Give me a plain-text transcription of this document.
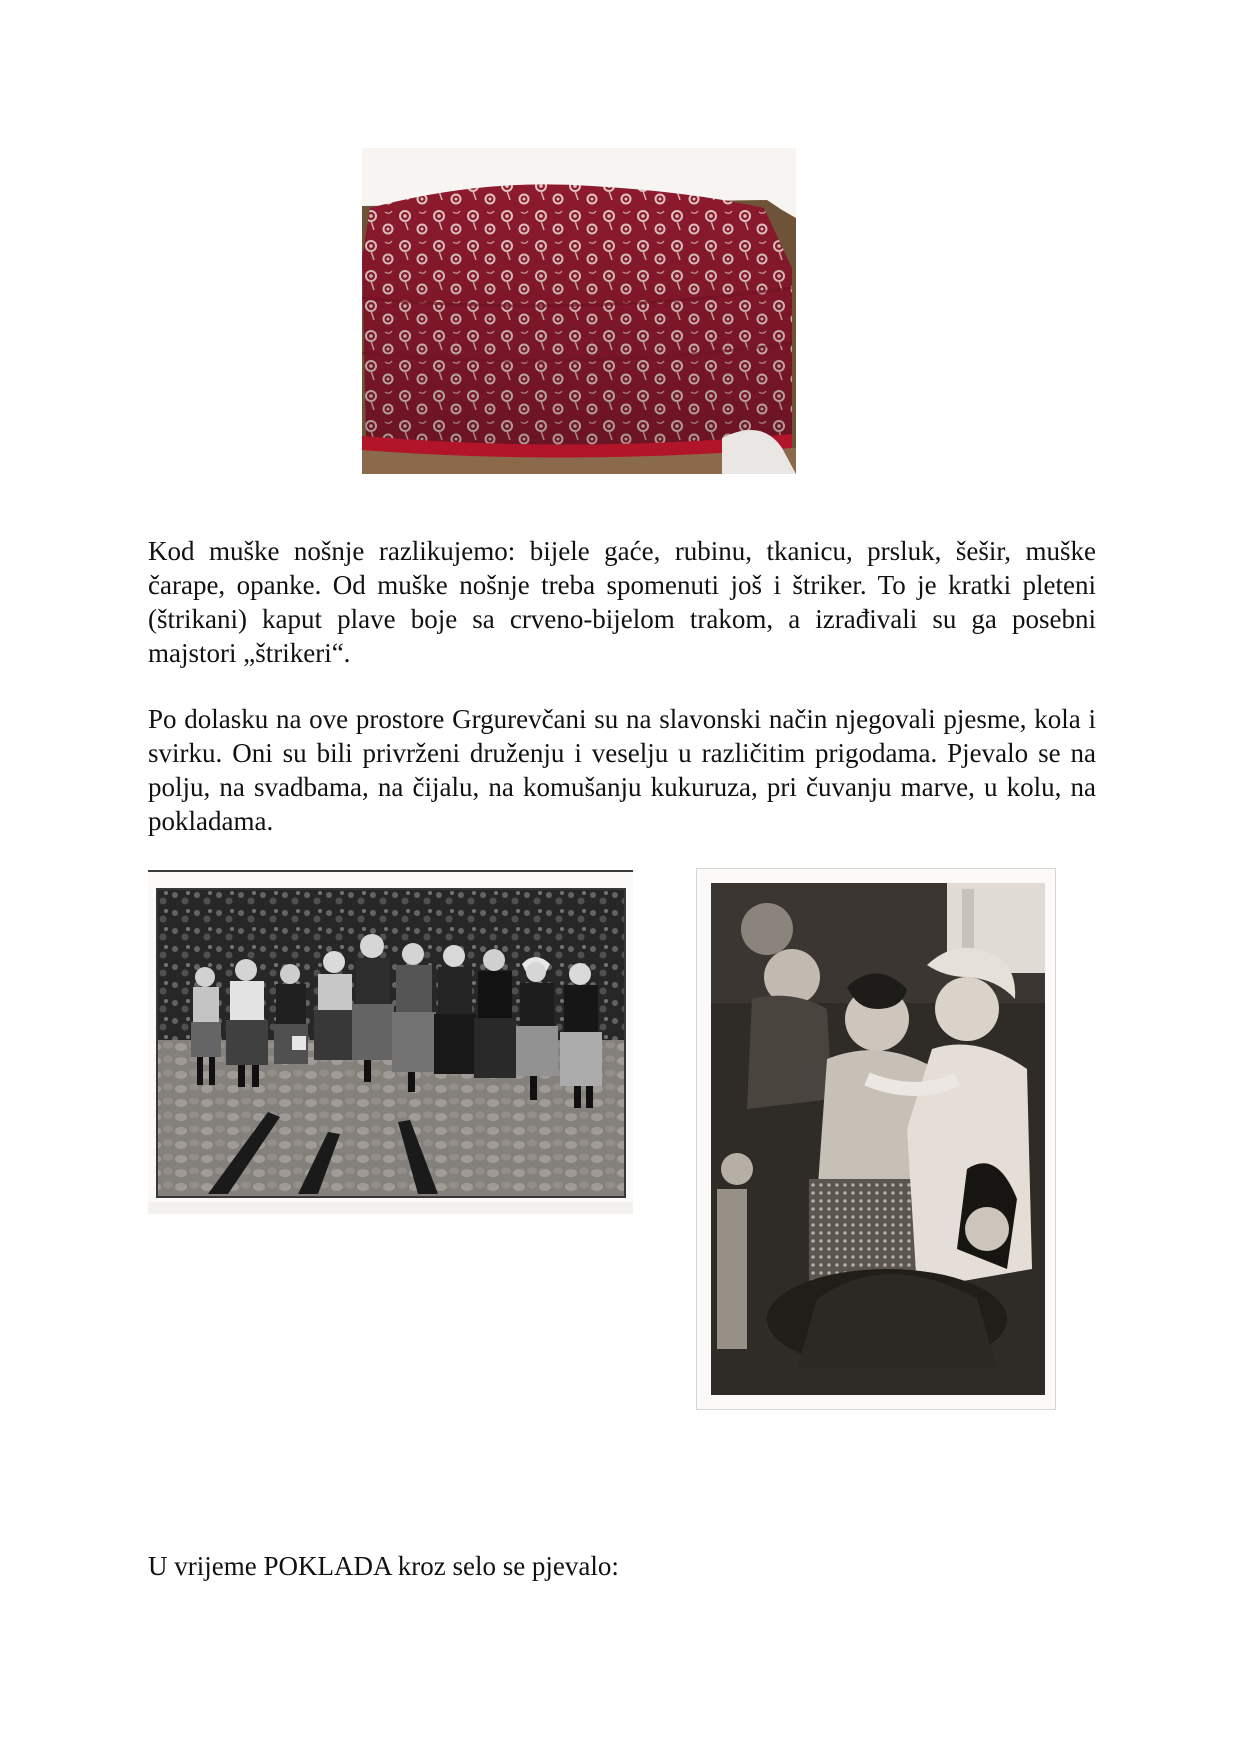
Kod muške nošnje razlikujemo: bijele gaće, rubinu, tkanicu, prsluk, šešir, muške čarape, opanke. Od muške nošnje treba spomenuti još i štriker. To je kratki pleteni (štrikani) kaput plave boje sa crveno-bijelom trakom, a izrađivali su ga posebni majstori „štrikeri“.

Po dolasku na ove prostore Grgurevčani su na slavonski način njegovali pjesme, kola i svirku. Oni su bili privrženi druženju i veselju u različitim prigodama. Pjevalo se na polju, na svadbama, na čijalu, na komušanju kukuruza, pri čuvanju marve, u kolu, na pokladama.

U vrijeme POKLADA kroz selo se pjevalo:
